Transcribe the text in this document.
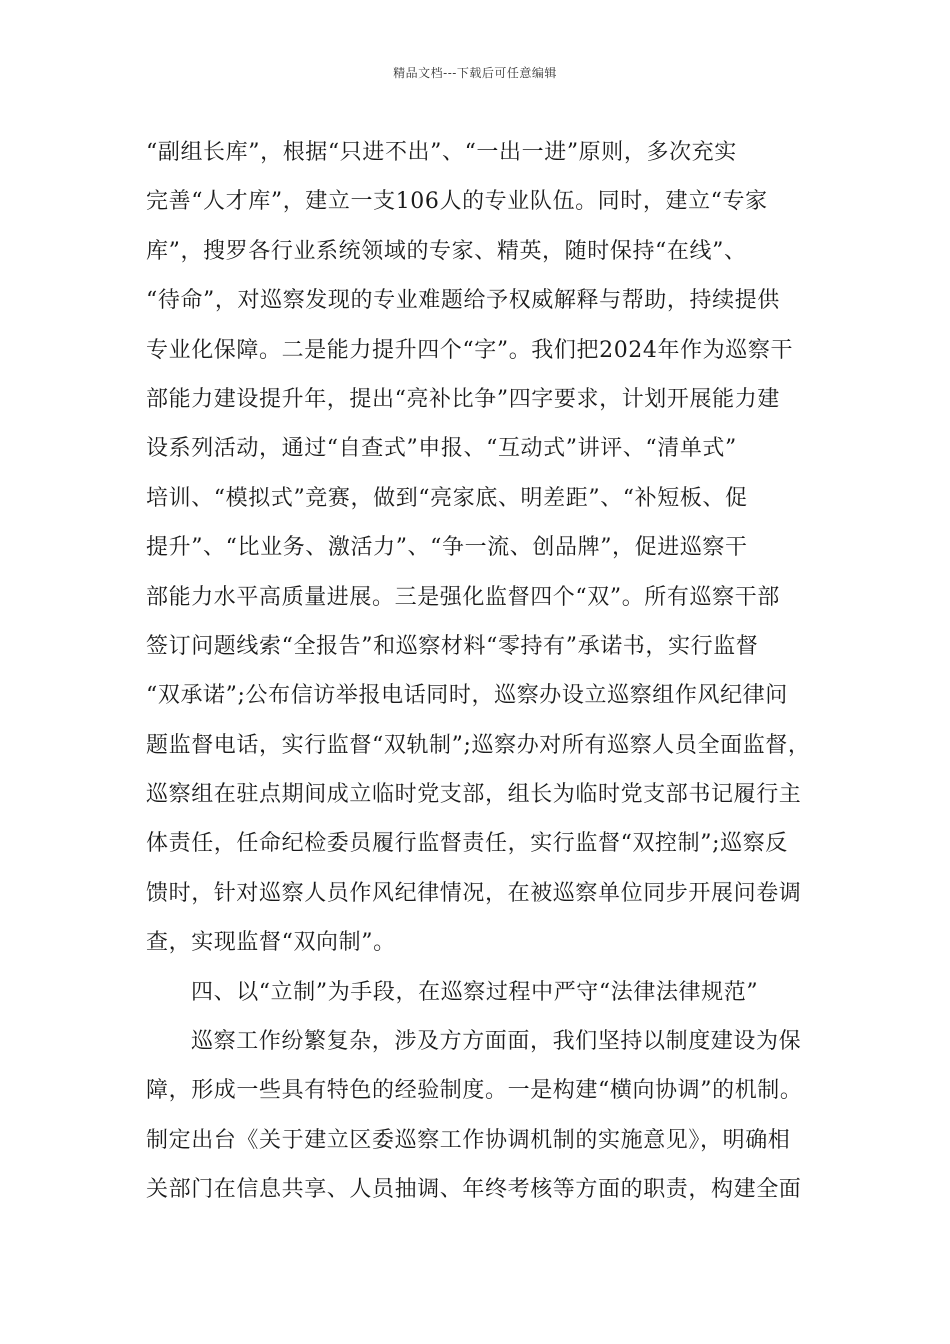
精品文档---下载后可任意编辑
“副组长库”，根据“只进不出”、“一出一进”原则，多次充实
完善“人才库”，建立一支106人的专业队伍。同时，建立“专家
库”，搜罗各行业系统领域的专家、精英，随时保持“在线”、
“待命”，对巡察发现的专业难题给予权威解释与帮助，持续提供
专业化保障。二是能力提升四个“字”。我们把2024年作为巡察干
部能力建设提升年，提出“亮补比争”四字要求，计划开展能力建
设系列活动，通过“自查式”申报、“互动式”讲评、“清单式”
培训、“模拟式”竞赛，做到“亮家底、明差距”、“补短板、促
提升”、“比业务、激活力”、“争一流、创品牌”，促进巡察干
部能力水平高质量进展。三是强化监督四个“双”。所有巡察干部
签订问题线索“全报告”和巡察材料“零持有”承诺书，实行监督
“双承诺”;公布信访举报电话同时，巡察办设立巡察组作风纪律问
题监督电话，实行监督“双轨制”;巡察办对所有巡察人员全面监督，
巡察组在驻点期间成立临时党支部，组长为临时党支部书记履行主
体责任，任命纪检委员履行监督责任，实行监督“双控制”;巡察反
馈时，针对巡察人员作风纪律情况，在被巡察单位同步开展问卷调
查，实现监督“双向制”。
四、以“立制”为手段，在巡察过程中严守“法律法律规范”
巡察工作纷繁复杂，涉及方方面面，我们坚持以制度建设为保
障，形成一些具有特色的经验制度。一是构建“横向协调”的机制。
制定出台《关于建立区委巡察工作协调机制的实施意见》，明确相
关部门在信息共享、人员抽调、年终考核等方面的职责，构建全面
